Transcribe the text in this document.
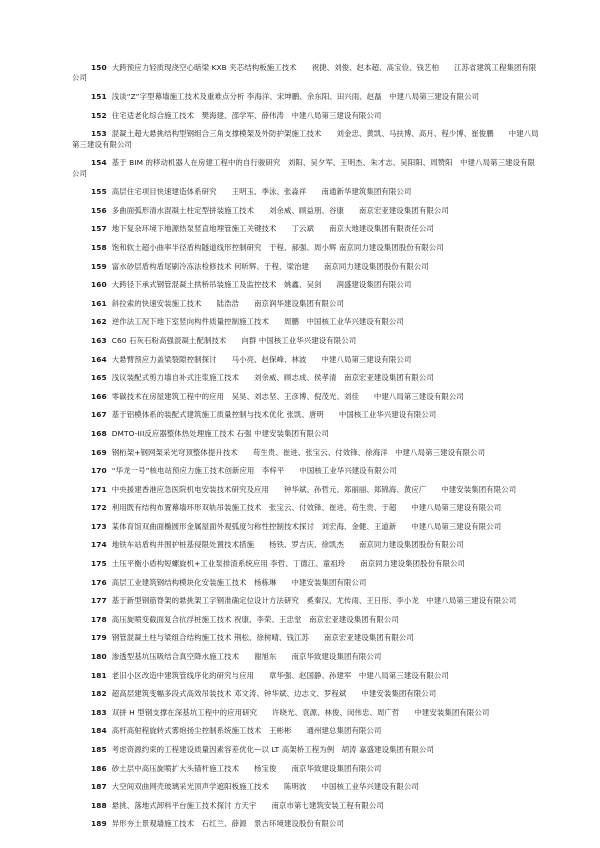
150 大跨预应力轻质现浇空心暗梁 KXB 夹芯结构板施工技术　　祝捷、刘俊、赵本超、高宝俭、钱艺柏　　江苏省建筑工程集团有限公司
151 浅谈“Z”字型幕墙施工技术及重难点分析 李海洋、宋坤鹏、余东阳、田兴雨、赵磊　中建八局第三建设有限公司
152 住宅适老化综合施工技术　樊海建、邵学军、薛伟涛　中建八局第三建设有限公司
153 混凝土超大悬挑结构型钢组合三角支撑模架及外防护架施工技术　　刘金忠、黄凯、马扶博、高月、程少博、崔俊鹏　　中建八局第三建设有限公司
154 基于 BIM 的移动机器人在房建工程中的自行骏研究　刘阳、吴夕军、王明杰、朱才志、吴阳阳、周赞阳　中建八局第三建设有限公司
155 高层住宅项目快速建造体系研究　　王明玉、季泳、张淼祥　　南通新华建筑集团有限公司
156 多曲面弧形清水混凝土柱定型拼装施工技术　　刘余威、顾益朋、谷康　　南京宏亚建设集团有限公司
157 地下复杂环境下地源热泵竖直地埋管施工关键技术　　丁云斌　　南京大地建设集团有限责任公司
158 饱和软土超小曲率半径盾构隧道线形控制研究　于程、郝强、周小辉 南京同力建设集团股份有限公司
159 富水砂层盾构盾尾刷冷冻法检修技术 何昕辉、于程、梁治建　　南京同力建设集团股份有限公司
160 大跨径下承式钢管混凝土拱桥吊装施工及监控技术　姚鑫、吴剑　　润盛建设集团有限公司
161 斜拉索的快速安装施工技术　　陆浩浩　　南京润华建设集团有限公司
162 逆作法工况下地下室竖向构件质量控制施工技术　　周鹏　中国核工业华兴建设有限公司
163 C60 石灰石粉高强混凝土配制技术　　向群 中国核工业华兴建设有限公司
164 大悬臂预应力盖梁裂隙控制探讨　　马小亮、赵保峰、林波　　中建八局第三建设有限公司
165 浅议装配式剪力墙自补式注浆施工技术　　刘余威、顾志成、侯孝清　南京宏亚建设集团有限公司
166 零碳技术在房屋建筑工程中的应用　吴昊、刘志坚、王彦博、倪茂光、刘佳　　中建八局第三建设有限公司
167 基于铝模体系的装配式建筑施工质量控制与技术优化 张凯、唐明　　中国核工业华兴建设有限公司
168 DMTO-III反应器整体热处理施工技术 石强 中建安装集团有限公司
169 钢桁架+钢网架采光穹顶整体提升技术　　苟生贵、崔进、张宝云、付效锋、徐海洋　中建八局第三建设有限公司
170 “华龙一号”核电站预应力施工技术创新应用　李梓平　　中国核工业华兴建设有限公司
171 中央援建香港应急医院机电安装技术研究及应用　　钟华斌、孙哲元、郑丽丽、郑锦海、黄应广　　中建安装集团有限公司
172 利用既有结构布置幕墙环形双轨吊装施工技术　张宝云、付效锋、崔进、苟生贵、于超　　中建八局第三建设有限公司
173 某体育馆双曲面椭圆形金属屋面外观弧度匀称性控制技术探讨　刘宏海、金健、王道新　　中建八局第三建设有限公司
174 地铁车站盾构井围护桩基侵限处置技术措施　　杨铁、罗吉庆、徐凯杰　　南京同力建设集团股份有限公司
175 土压平衡小盾构短螺旋机+工业泵排渣系统应用 李哲、丁德江、童祖玲　　南京同力建设集团股份有限公司
176 高层工业建筑钢结构模块化安装施工技术　杨栋琳　　中建安装集团有限公司
177 基于新型钢筋脊架的悬挑架工字钢准确定位设计方法研究　奚秦汉、尤传雨、王日彤、李小龙　中建八局第三建设有限公司
178 高压旋喷变截面复合抗浮桩施工技术 祝康、李荣、王忠堂　南京宏亚建设集团有限公司
179 钢管混凝土柱与梁组合结构施工技术 荆松、徐树晴、钱江苏　　南京宏亚建设集团有限公司
180 渗透型基坑压吸结合真空降水施工技术　　谢旭东　　南京华致建设集团有限公司
181 老旧小区改造中建筑管线序化的研究与应用　　章华强、赵国静、孙建军　中建八局第三建设有限公司
182 超高层建筑变幅多段式高效吊装技术 邓文涛、钟华斌、边志文、罗程斌　　中建安装集团有限公司
183 双拼 H 型钢支撑在深基坑工程中的应用研究　　许晓光、袁源、林俊、闵伟忠、周广哲　　中建安装集团有限公司
184 高杆高射程旋转式雾炮扬尘控制系统施工技术　王彬彬　　通州建总集团有限公司
185 考虑资源约束的工程建设质量因素容差优化—以 LT 高架桥工程为例　胡涛 嘉盛建设集团有限公司
186 砂土层中高压旋喷扩大头锚杆施工技术　　杨宝俊　　南京华致建设集团有限公司
187 大空间双曲网壳玻璃采光顶声学遮阳板施工技术　　陈明波　　中国核工业华兴建设有限公司
188 悬挑、落地式卸料平台施工技术探讨 方天宇　　南京市第七建筑安装工程有限公司
189 异形夯土景观墙施工技术　石红兰、薛源　景古环境建设股份有限公司
